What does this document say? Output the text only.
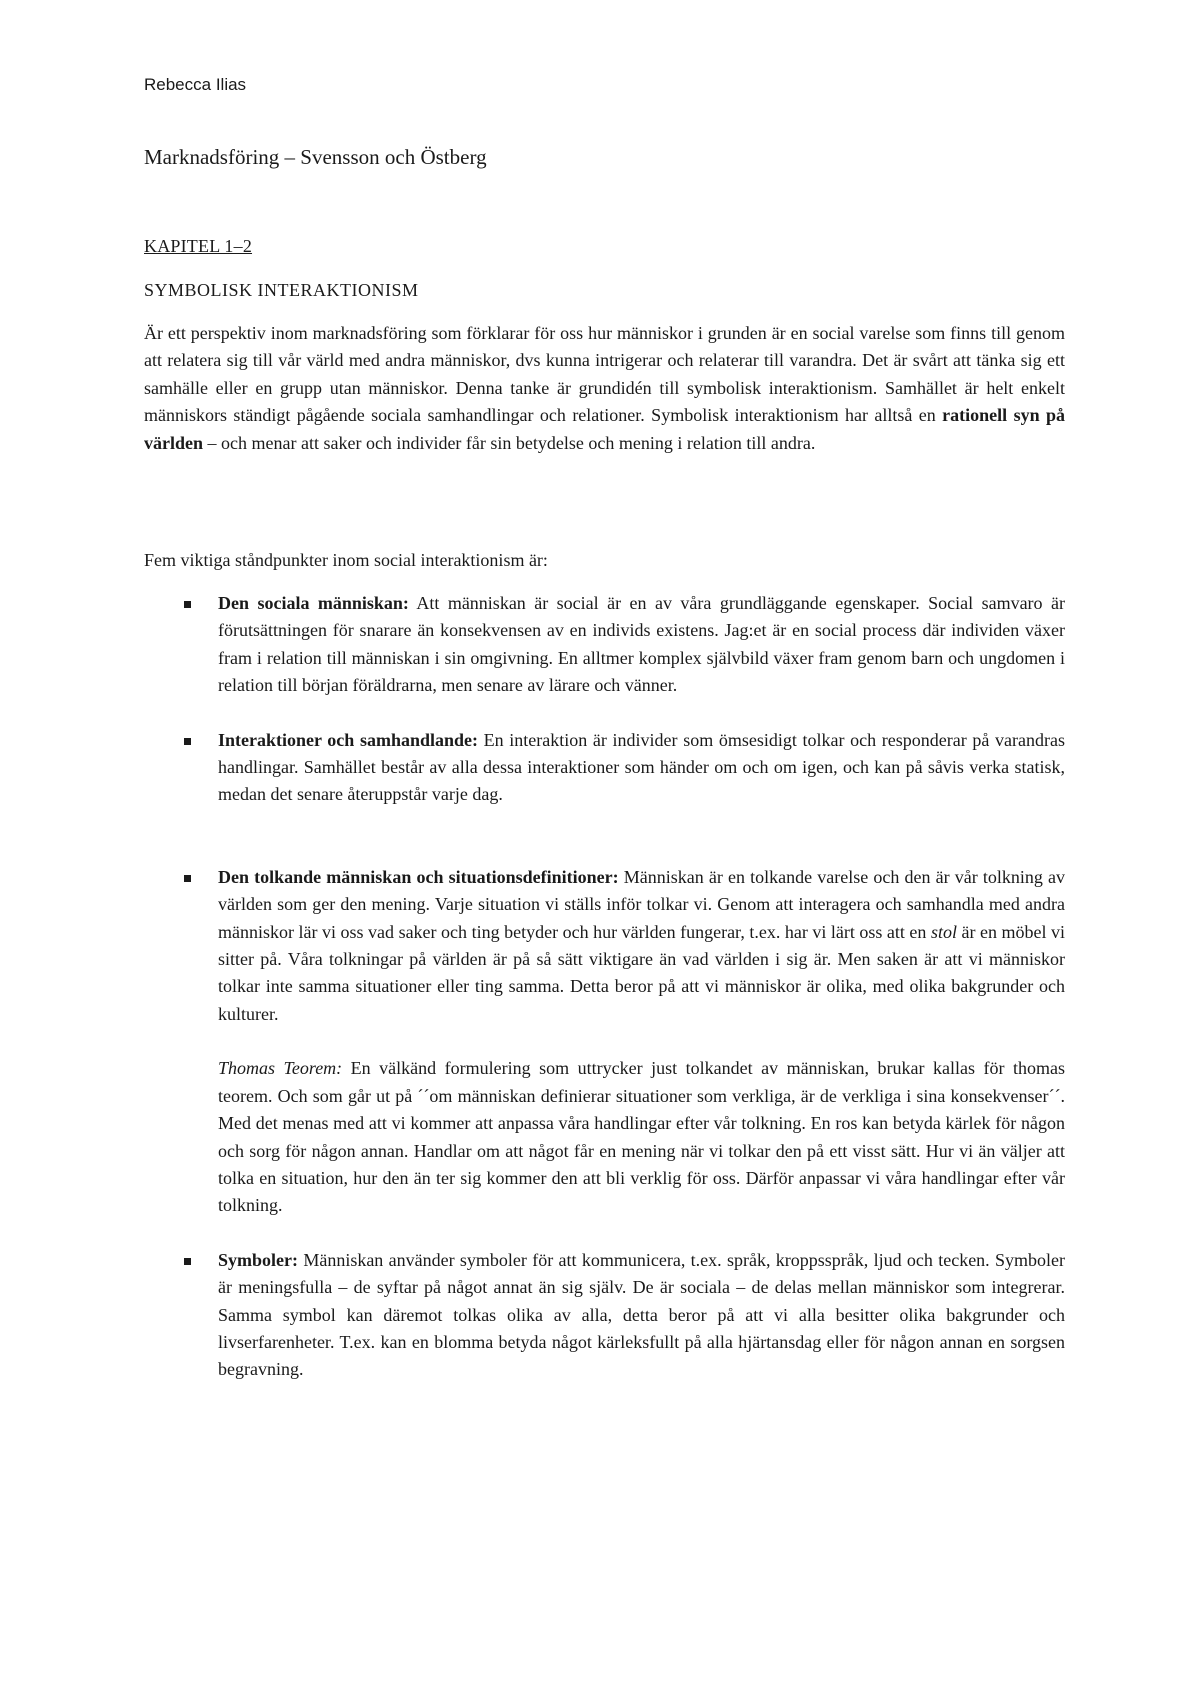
Rebecca Ilias
Marknadsföring – Svensson och Östberg
KAPITEL 1–2
SYMBOLISK INTERAKTIONISM

Är ett perspektiv inom marknadsföring som förklarar för oss hur människor i grunden är en social varelse som finns till genom att relatera sig till vår värld med andra människor, dvs kunna intrigerar och relaterar till varandra. Det är svårt att tänka sig ett samhälle eller en grupp utan människor. Denna tanke är grundidén till symbolisk interaktionism. Samhället är helt enkelt människors ständigt pågående sociala samhandlingar och relationer. Symbolisk interaktionism har alltså en rationell syn på världen – och menar att saker och individer får sin betydelse och mening i relation till andra.

Fem viktiga ståndpunkter inom social interaktionism är:

Den sociala människan: Att människan är social är en av våra grundläggande egenskaper. Social samvaro är förutsättningen för snarare än konsekvensen av en individs existens. Jag:et är en social process där individen växer fram i relation till människan i sin omgivning. En alltmer komplex självbild växer fram genom barn och ungdomen i relation till början föräldrarna, men senare av lärare och vänner.
Interaktioner och samhandlande: En interaktion är individer som ömsesidigt tolkar och responderar på varandras handlingar. Samhället består av alla dessa interaktioner som händer om och om igen, och kan på såvis verka statisk, medan det senare återuppstår varje dag.
Den tolkande människan och situationsdefinitioner: Människan är en tolkande varelse och den är vår tolkning av världen som ger den mening. Varje situation vi ställs inför tolkar vi. Genom att interagera och samhandla med andra människor lär vi oss vad saker och ting betyder och hur världen fungerar, t.ex. har vi lärt oss att en stol är en möbel vi sitter på. Våra tolkningar på världen är på så sätt viktigare än vad världen i sig är. Men saken är att vi människor tolkar inte samma situationer eller ting samma. Detta beror på att vi människor är olika, med olika bakgrunder och kulturer.
Thomas Teorem: En välkänd formulering som uttrycker just tolkandet av människan, brukar kallas för thomas teorem. Och som går ut på ´´om människan definierar situationer som verkliga, är de verkliga i sina konsekvenser´´. Med det menas med att vi kommer att anpassa våra handlingar efter vår tolkning. En ros kan betyda kärlek för någon och sorg för någon annan. Handlar om att något får en mening när vi tolkar den på ett visst sätt. Hur vi än väljer att tolka en situation, hur den än ter sig kommer den att bli verklig för oss. Därför anpassar vi våra handlingar efter vår tolkning.
Symboler: Människan använder symboler för att kommunicera, t.ex. språk, kroppsspråk, ljud och tecken. Symboler är meningsfulla – de syftar på något annat än sig själv. De är sociala – de delas mellan människor som integrerar. Samma symbol kan däremot tolkas olika av alla, detta beror på att vi alla besitter olika bakgrunder och livserfarenheter. T.ex. kan en blomma betyda något kärleksfullt på alla hjärtansdag eller för någon annan en sorgsen begravning.
